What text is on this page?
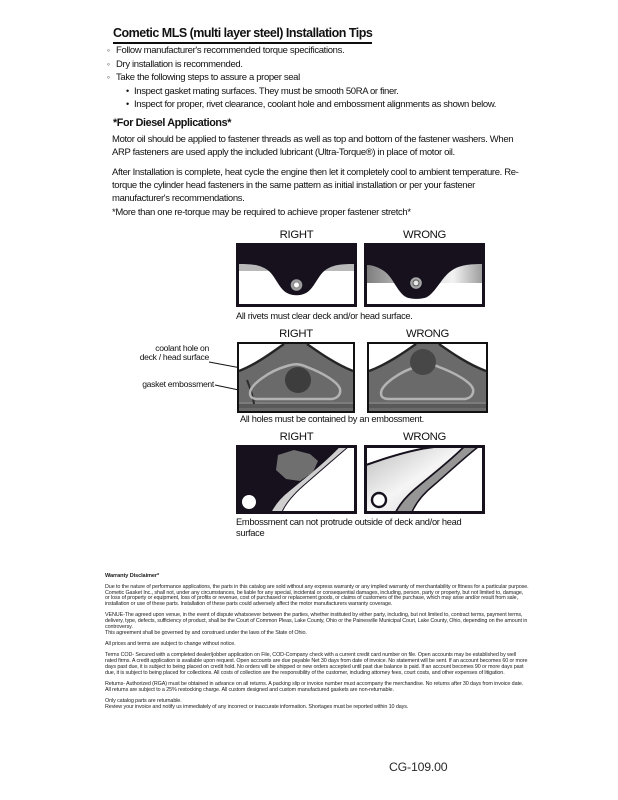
Cometic MLS (multi layer steel) Installation Tips
◦ Follow manufacturer's recommended torque specifications.
◦ Dry installation is recommended.
◦ Take the following steps to assure a proper seal
• Inspect gasket mating surfaces. They must be smooth 50RA or finer.
• Inspect for proper, rivet clearance, coolant hole and embossment alignments as shown below.
*For Diesel Applications*
Motor oil should be applied to fastener threads as well as top and bottom of the fastener washers. When ARP fasteners are used apply the included lubricant (Ultra-Torque®) in place of motor oil.
After Installation is complete, heat cycle the engine then let it completely cool to ambient temperature. Re-torque the cylinder head fasteners in the same pattern as initial installation or per your fastener manufacturer's recommendations.
*More than one re-torque may be required to achieve proper fastener stretch*
RIGHT	WRONG
All rivets must clear deck and/or head surface.
RIGHT	WRONG
coolant hole on
deck / head surface
gasket embossment
All holes must be contained by an embossment.
RIGHT	WRONG
Embossment can not protrude outside of deck and/or head surface
Warranty Disclaimer*

Due to the nature of performance applications, the parts in this catalog are sold without any express warranty or any implied warranty of merchantability or fitness for a particular purpose. Cometic Gasket Inc., shall not, under any circumstances, be liable for any special, incidental or consequential damages, including, person, party or property, but not limited to, damage, or loss of property or equipment, loss of profits or revenue, cost of purchased or replacement goods, or claims of customers of the purchase, which may arise and/or result from sale, installation or use of these parts. Installation of these parts could adversely affect the motor manufacturers warranty coverage.

VENUE-The agreed upon venue, in the event of dispute whatsoever between the parties, whether instituted by either party, including, but not limited to, contract terms, payment terms, delivery, type, defects, sufficiency of product, shall be the Court of Common Pleas, Lake County, Ohio or the Painesville Municipal Court, Lake County, Ohio, depending on the amount in controversy.
This agreement shall be governed by and construed under the laws of the State of Ohio.

All prices and terms are subject to change without notice.

Terms COD- Secured with a completed dealer/jobber application on File, COD-Company check with a current credit card number on file. Open accounts may be established by well rated firms. A credit application is available upon request. Open accounts are due payable Net 30 days from date of invoice. No statement will be sent. If an account becomes 60 or more days past due, it is subject to being placed on credit hold. No orders will be shipped or new orders accepted until past due balance is paid. If an account becomes 90 or more days past due, it is subject to being placed for collections. All costs of collection are the responsibility of the customer, including attorney fees, court costs, and other expenses of litigation.

Returns- Authorized (RGA) must be obtained in advance on all returns. A packing slip or invoice number must accompany the merchandise. No returns after 30 days from invoice date. All returns are subject to a 25% restocking charge. All custom designed and custom manufactured gaskets are non-returnable.

Only catalog parts are returnable.
Review your invoice and notify us immediately of any incorrect or inaccurate information. Shortages must be reported within 10 days.

CG-109.00
